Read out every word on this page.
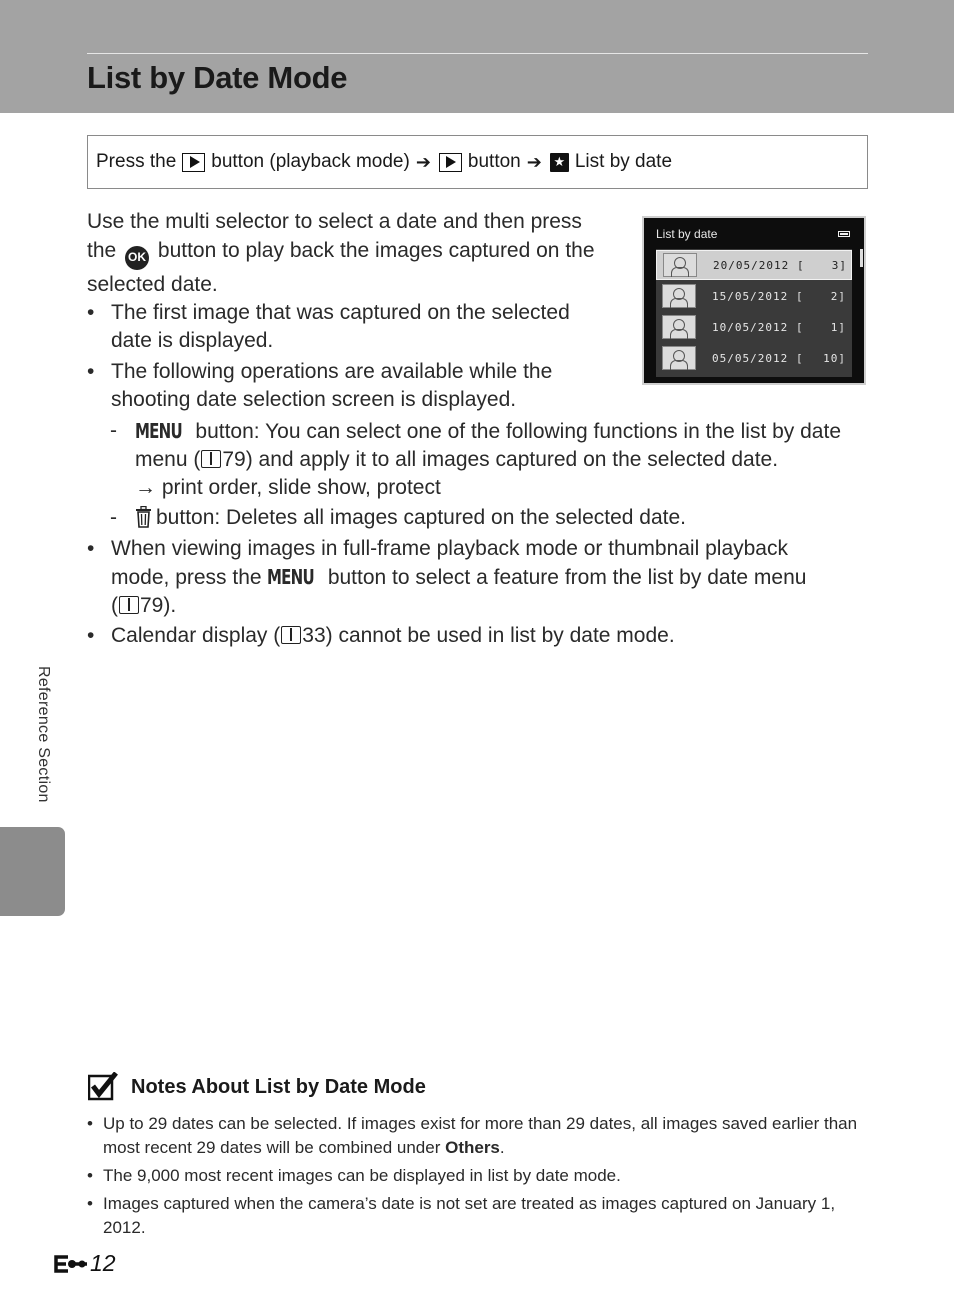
List by Date Mode
Press the button (playback mode) ➔ button ➔ ★ List by date
Use the multi selector to select a date and then press
the OK button to play back the images captured on the
selected date.
• The first image that was captured on the selected
date is displayed.
• The following operations are available while the
shooting date selection screen is displayed.
- MENU button: You can select one of the following functions in the list by date
menu ( 79) and apply it to all images captured on the selected date.
→ print order, slide show, protect
-	button: Deletes all images captured on the selected date.
• When viewing images in full-frame playback mode or thumbnail playback
mode, press the MENU button to select a feature from the list by date menu
( 79).
• Calendar display ( 33) cannot be used in list by date mode.
List by date
20/05/2012 [	3]
15/05/2012 [	2]
10/05/2012 [	1]
05/05/2012 [	10]
Reference Section
Notes About List by Date Mode
• Up to 29 dates can be selected. If images exist for more than 29 dates, all images saved earlier than
most recent 29 dates will be combined under Others.
• The 9,000 most recent images can be displayed in list by date mode.
• Images captured when the camera’s date is not set are treated as images captured on January 1,
2012.
12
